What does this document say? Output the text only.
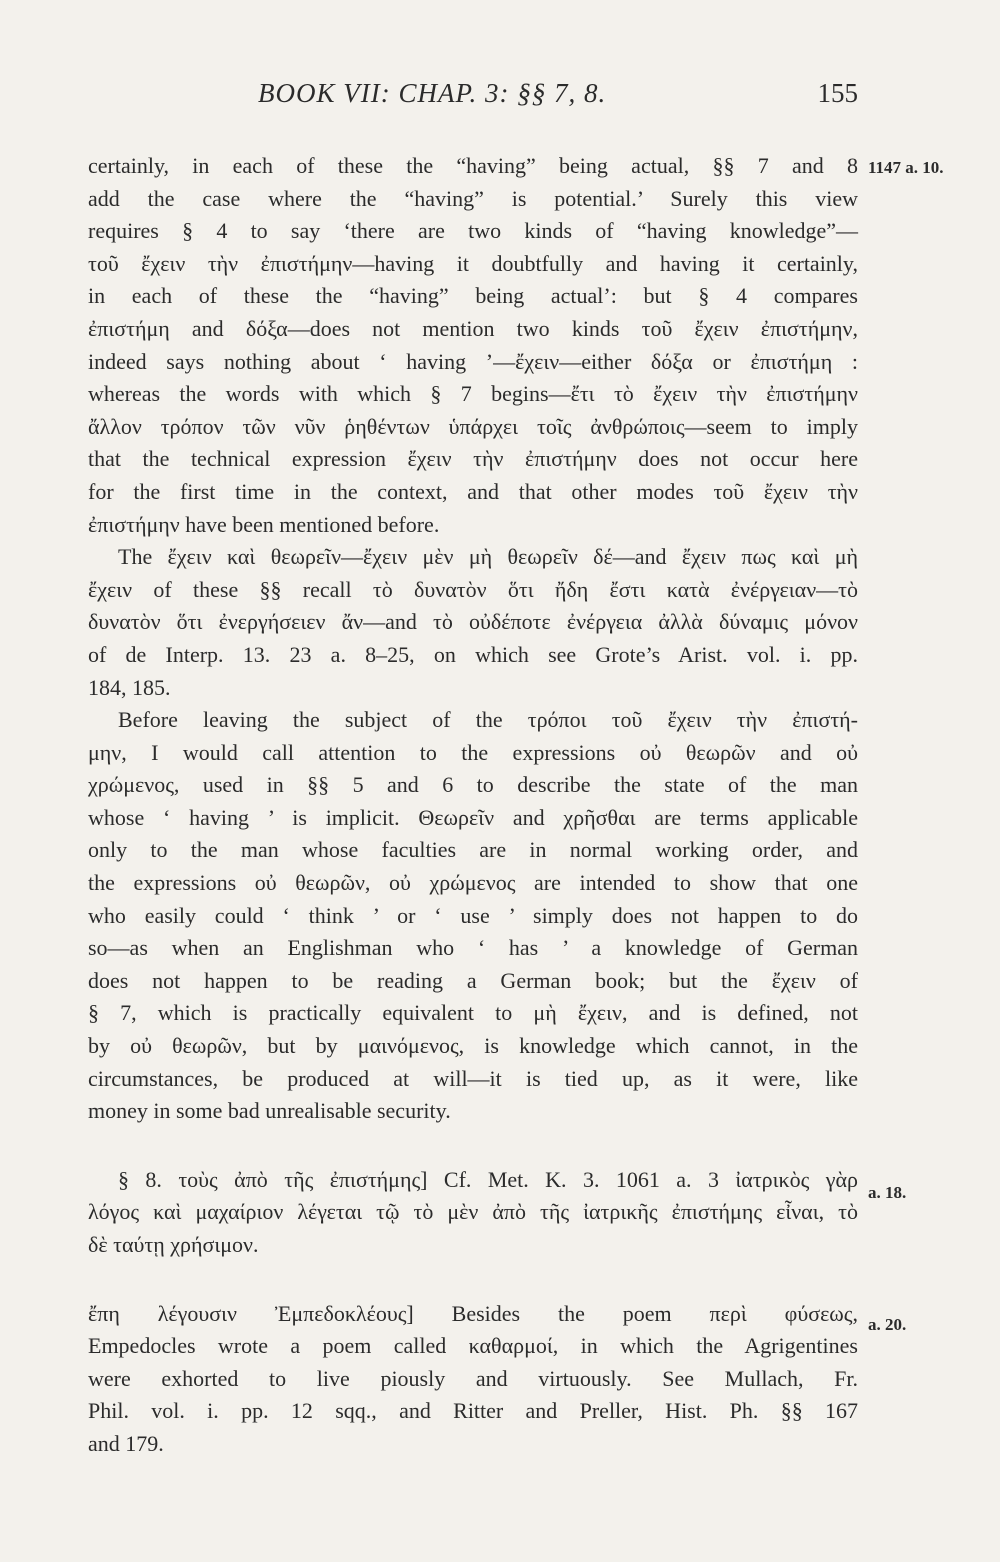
BOOK VII: CHAP. 3: §§ 7, 8.	155
1147 a. 10.
a. 18.
a. 20.
certainly, in each of these the “having” being actual, §§ 7 and 8
add the case where the “having” is potential.’ Surely this view
requires § 4 to say ‘there are two kinds of “having knowledge”—
τοῦ ἔχειν τὴν ἐπιστήμην—having it doubtfully and having it certainly,
in each of these the “having” being actual’: but § 4 compares
ἐπιστήμη and δόξα—does not mention two kinds τοῦ ἔχειν ἐπιστήμην,
indeed says nothing about ‘ having ’—ἔχειν—either δόξα or ἐπιστήμη :
whereas the words with which § 7 begins—ἔτι τὸ ἔχειν τὴν ἐπιστήμην
ἄλλον τρόπον τῶν νῦν ῥηθέντων ὑπάρχει τοῖς ἀνθρώποις—seem to imply
that the technical expression ἔχειν τὴν ἐπιστήμην does not occur here
for the first time in the context, and that other modes τοῦ ἔχειν τὴν
ἐπιστήμην have been mentioned before.
The ἔχειν καὶ θεωρεῖν—ἔχειν μὲν μὴ θεωρεῖν δέ—and ἔχειν πως καὶ μὴ
ἔχειν of these §§ recall τὸ δυνατὸν ὅτι ἤδη ἔστι κατὰ ἐνέργειαν—τὸ
δυνατὸν ὅτι ἐνεργήσειεν ἄν—and τὸ οὐδέποτε ἐνέργεια ἀλλὰ δύναμις μόνον
of de Interp. 13. 23 a. 8–25, on which see Grote’s Arist. vol. i. pp.
184, 185.
Before leaving the subject of the τρόποι τοῦ ἔχειν τὴν ἐπιστή-
μην, I would call attention to the expressions οὐ θεωρῶν and οὐ
χρώμενος, used in §§ 5 and 6 to describe the state of the man
whose ‘ having ’ is implicit. Θεωρεῖν and χρῆσθαι are terms applicable
only to the man whose faculties are in normal working order, and
the expressions οὐ θεωρῶν, οὐ χρώμενος are intended to show that one
who easily could ‘ think ’ or ‘ use ’ simply does not happen to do
so—as when an Englishman who ‘ has ’ a knowledge of German
does not happen to be reading a German book; but the ἔχειν of
§ 7, which is practically equivalent to μὴ ἔχειν, and is defined, not
by οὐ θεωρῶν, but by μαινόμενος, is knowledge which cannot, in the
circumstances, be produced at will—it is tied up, as it were, like
money in some bad unrealisable security.
§ 8. τοὺς ἀπὸ τῆς ἐπιστήμης] Cf. Met. K. 3. 1061 a. 3 ἰατρικὸς γὰρ
λόγος καὶ μαχαίριον λέγεται τῷ τὸ μὲν ἀπὸ τῆς ἰατρικῆς ἐπιστήμης εἶναι, τὸ
δὲ ταύτῃ χρήσιμον.
ἔπη λέγουσιν Ἐμπεδοκλέους] Besides the poem περὶ φύσεως,
Empedocles wrote a poem called καθαρμοί, in which the Agrigentines
were exhorted to live piously and virtuously. See Mullach, Fr.
Phil. vol. i. pp. 12 sqq., and Ritter and Preller, Hist. Ph. §§ 167
and 179.
